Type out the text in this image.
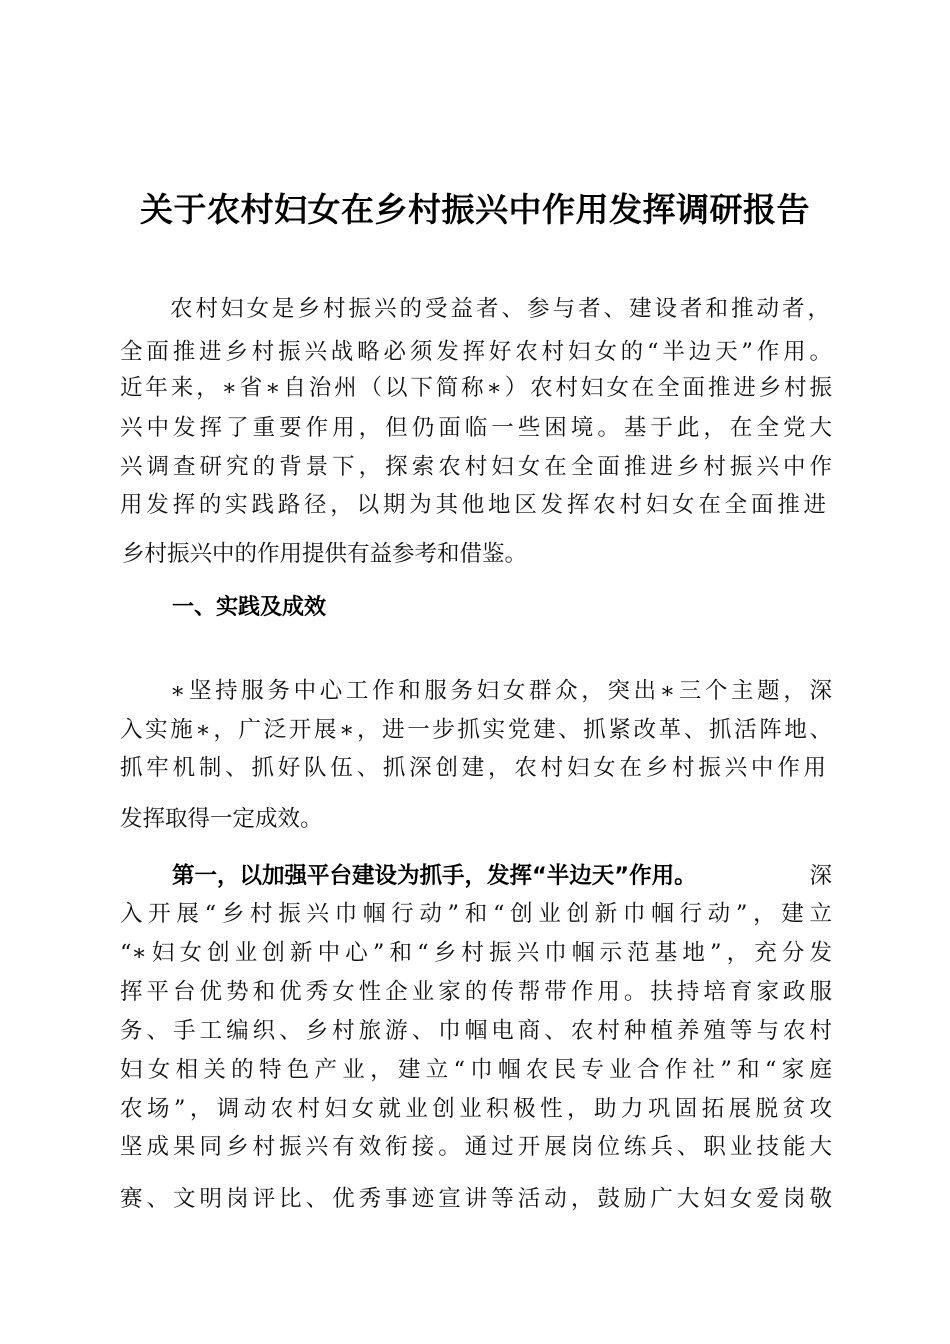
关于农村妇女在乡村振兴中作用发挥调研报告
农村妇女是乡村振兴的受益者、参与者、建设者和推动者，
全面推进乡村振兴战略必须发挥好农村妇女的“半边天”作用。
近年来，∗省∗自治州（以下简称∗）农村妇女在全面推进乡村振
兴中发挥了重要作用，但仍面临一些困境。基于此，在全党大
兴调查研究的背景下，探索农村妇女在全面推进乡村振兴中作
用发挥的实践路径，以期为其他地区发挥农村妇女在全面推进
乡村振兴中的作用提供有益参考和借鉴。
一、实践及成效
∗坚持服务中心工作和服务妇女群众，突出∗三个主题，深
入实施∗，广泛开展∗，进一步抓实党建、抓紧改革、抓活阵地、
抓牢机制、抓好队伍、抓深创建，农村妇女在乡村振兴中作用
发挥取得一定成效。
第一，以加强平台建设为抓手，发挥“半边天”作用。	深
入开展“乡村振兴巾帼行动”和“创业创新巾帼行动”，建立
“∗妇女创业创新中心”和“乡村振兴巾帼示范基地”，充分发
挥平台优势和优秀女性企业家的传帮带作用。扶持培育家政服
务、手工编织、乡村旅游、巾帼电商、农村种植养殖等与农村
妇女相关的特色产业，建立“巾帼农民专业合作社”和“家庭
农场”，调动农村妇女就业创业积极性，助力巩固拓展脱贫攻
坚成果同乡村振兴有效衔接。通过开展岗位练兵、职业技能大
赛、文明岗评比、优秀事迹宣讲等活动，鼓励广大妇女爱岗敬
